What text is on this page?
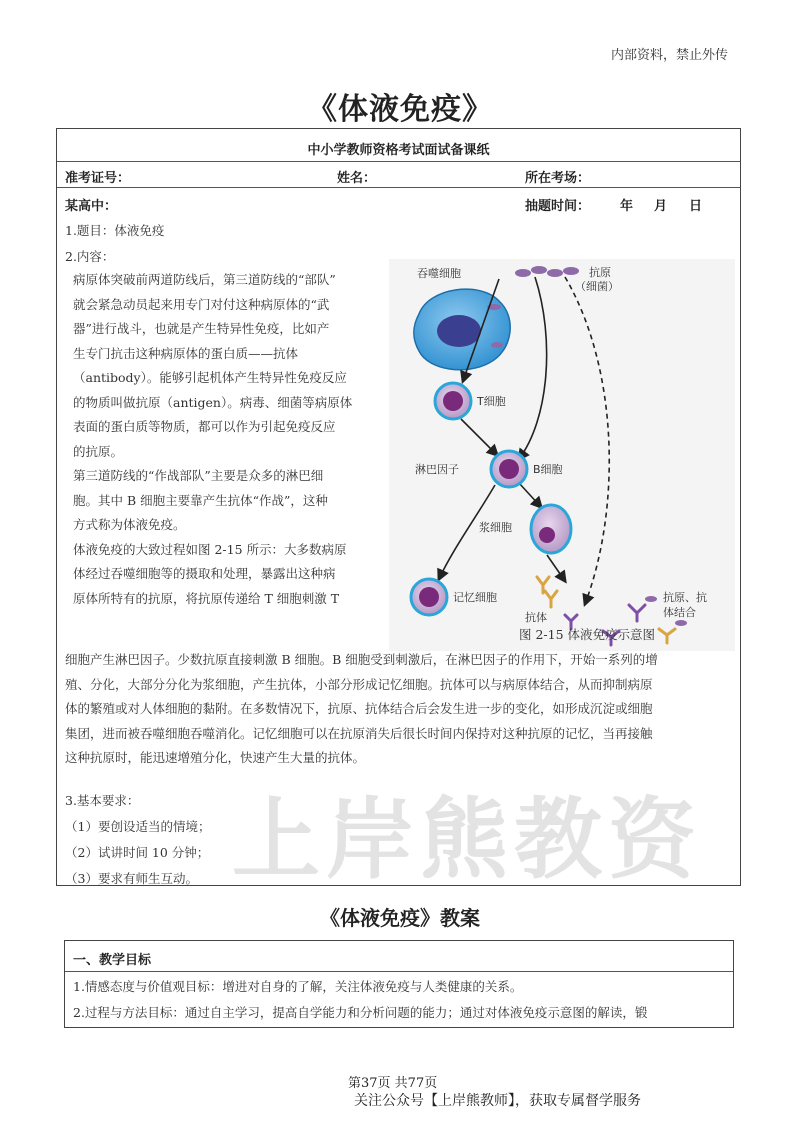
内部资料，禁止外传
《体液免疫》
上岸熊教资
中小学教师资格考试面试备课纸
准考证号：	姓名：	所在考场：
某高中：	抽题时间： 年 月 日
1.题目：体液免疫
2.内容：
病原体突破前两道防线后，第三道防线的“部队”
就会紧急动员起来用专门对付这种病原体的“武
器”进行战斗，也就是产生特异性免疫，比如产
生专门抗击这种病原体的蛋白质——抗体
（antibody）。能够引起机体产生特异性免疫反应
的物质叫做抗原（antigen）。病毒、细菌等病原体
表面的蛋白质等物质，都可以作为引起免疫反应
的抗原。
第三道防线的“作战部队”主要是众多的淋巴细
胞。其中 B 细胞主要靠产生抗体“作战”，这种
方式称为体液免疫。
体液免疫的大致过程如图 2-15 所示：大多数病原
体经过吞噬细胞等的摄取和处理，暴露出这种病
原体所特有的抗原，将抗原传递给 T 细胞刺激 T
吞噬细胞	抗原
（细菌）
T细胞
B细胞
淋巴因子
浆细胞
记忆细胞
抗体
抗原、抗
体结合
图 2-15 体液免疫示意图
细胞产生淋巴因子。少数抗原直接刺激 B 细胞。B 细胞受到刺激后，在淋巴因子的作用下，开始一系列的增
殖、分化，大部分分化为浆细胞，产生抗体，小部分形成记忆细胞。抗体可以与病原体结合，从而抑制病原
体的繁殖或对人体细胞的黏附。在多数情况下，抗原、抗体结合后会发生进一步的变化，如形成沉淀或细胞
集团，进而被吞噬细胞吞噬消化。记忆细胞可以在抗原消失后很长时间内保持对这种抗原的记忆，当再接触
这种抗原时，能迅速增殖分化，快速产生大量的抗体。
3.基本要求：
（1）要创设适当的情境；
（2）试讲时间 10 分钟；
（3）要求有师生互动。
《体液免疫》教案
一、教学目标
1.情感态度与价值观目标：增进对自身的了解，关注体液免疫与人类健康的关系。
2.过程与方法目标：通过自主学习，提高自学能力和分析问题的能力；通过对体液免疫示意图的解读，锻
第37页 共77页
关注公众号【上岸熊教师】，获取专属督学服务
